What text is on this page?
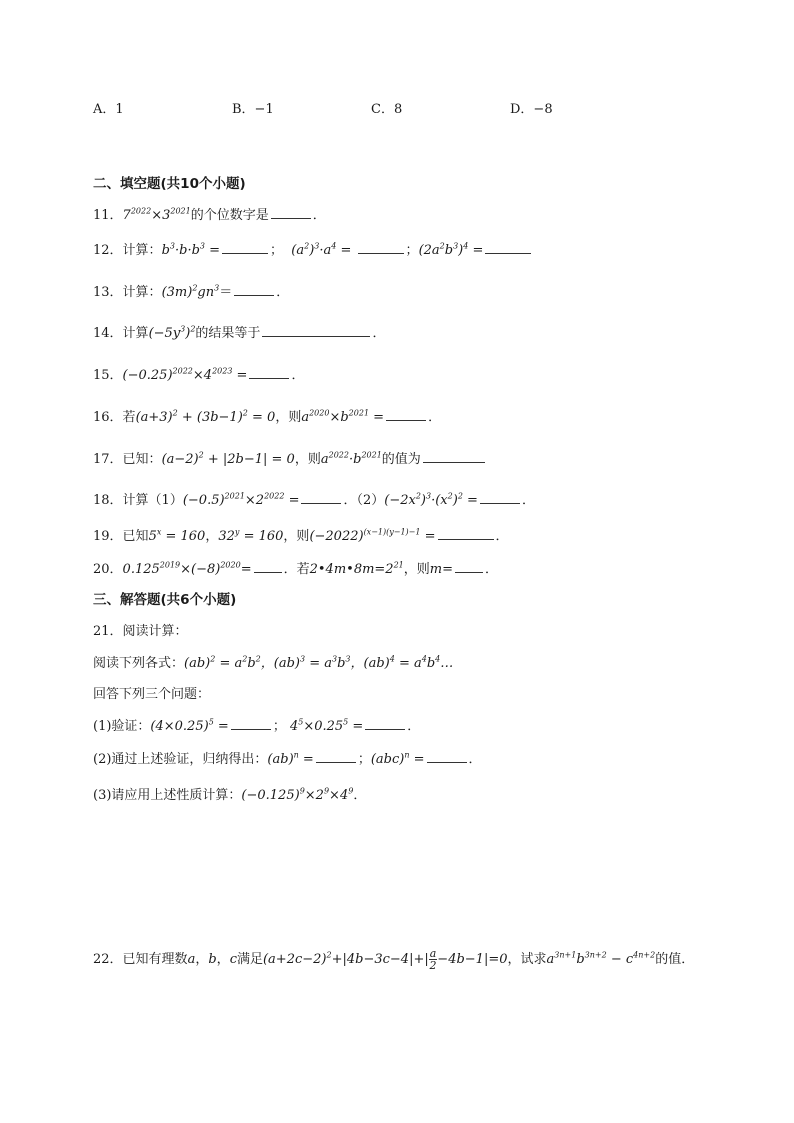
A．1	B．−1	C．8	D．−8
二、填空题(共10个小题)
11．$7^{2022}\times 3^{2021}$的个位数字是	．
12．计算：$b^3\cdot b\cdot b^3$ =	；  $(a^2)^3\cdot a^4$ =	；$(2a^2b^3)^4$ =
13．计算：$(3m)^2gn^3=$	．
14．计算$(-5y^3)^2$的结果等于	．
15．$(-0.25)^{2022}\times 4^{2023}$ =	．
16．若$(a+3)^2 + (3b-1)^2 = 0$，则$a^{2020}\times b^{2021}$ =	．
17．已知：$(a-2)^2 + |2b-1| = 0$，则$a^{2022}\cdot b^{2021}$的值为
18．计算$(1)(-0.5)^{2021}\times 2^{2022}$ =	．$(2)(-2x^2)^3\cdot(x^2)^2$ =	．
19．已知$5^x = 160$，$32^y = 160$，则$(-2022)^{(x-1)(y-1)-1}$ =	．
20．$0.125^{2019}\times(-8)^{2020}=$ ．若$2•4m•8m=2^{21}$，则m= ．
三、解答题(共6个小题)
21．阅读计算：
阅读下列各式：$(ab)^2 = a^2b^2$，$(ab)^3 = a^3b^3$，$(ab)^4 = a^4b^4\dots$
回答下列三个问题：
(1)验证：$(4\times 0.25)^5$ =	； $4^5\times 0.25^5$ =	．
(2)通过上述验证，归纳得出：(ab)$^n$ =	；(abc)$^n$ =	．
(3)请应用上述性质计算：$(-0.125)^9\times 2^9\times 4^9$．
22．已知有理数a，b，c满足$(a+2c-2)^2+|4b-3c-4|+| \frac{a}{2} -4b-1|=0$，试求$a^{3n+1}b^{3n+2} - c^{4n+2}$的值．
